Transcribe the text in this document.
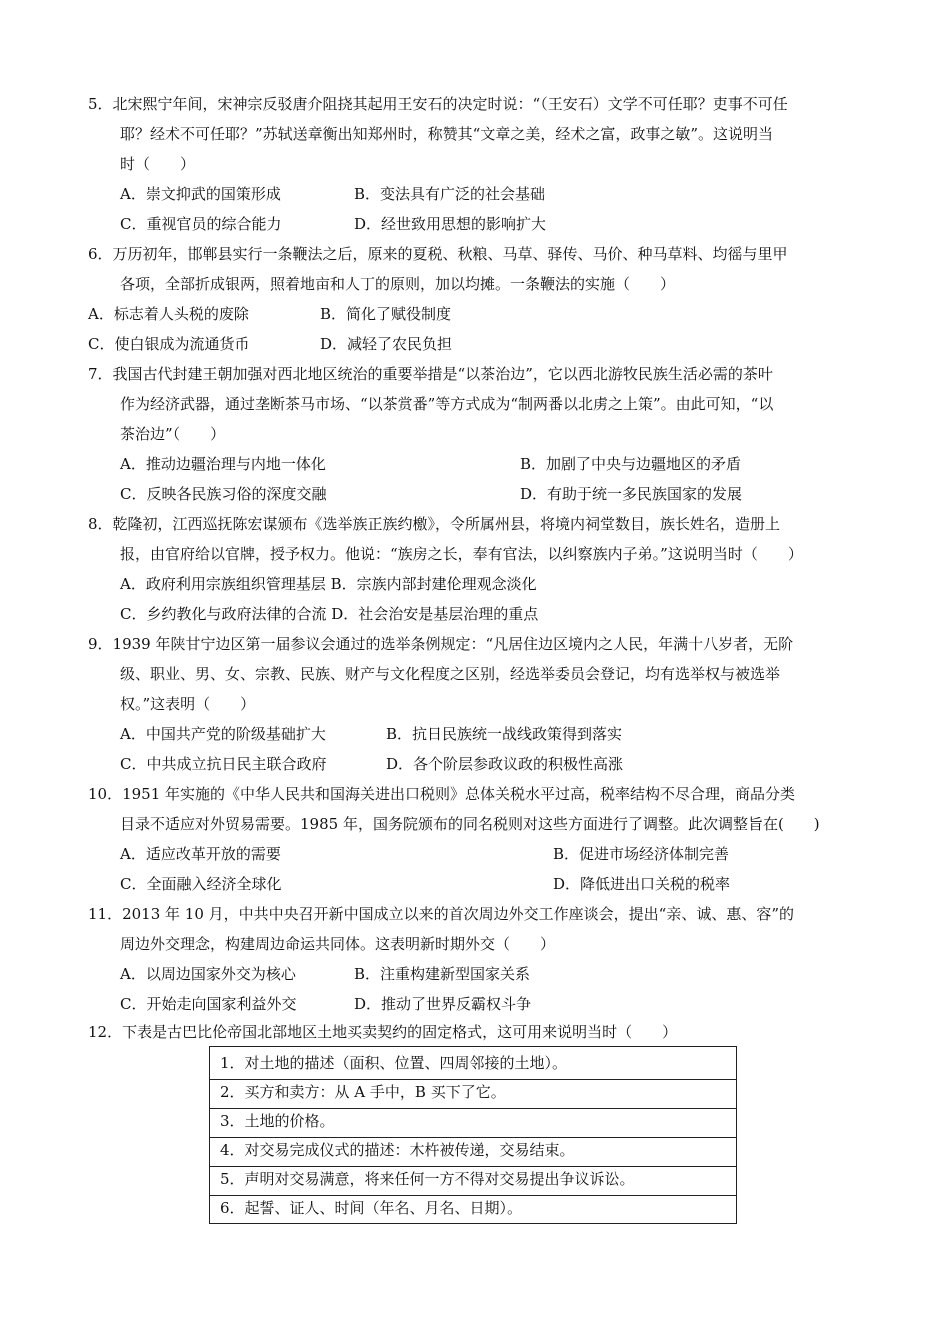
5．北宋熙宁年间，宋神宗反驳唐介阻挠其起用王安石的决定时说：“（王安石）文学不可任耶？吏事不可任
耶？经术不可任耶？”苏轼送章衡出知郑州时，称赞其“文章之美，经术之富，政事之敏”。这说明当
时（　　）
A．崇文抑武的国策形成	B．变法具有广泛的社会基础
C．重视官员的综合能力	D．经世致用思想的影响扩大
6．万历初年，邯郸县实行一条鞭法之后，原来的夏税、秋粮、马草、驿传、马价、种马草料、均徭与里甲
各项，全部折成银两，照着地亩和人丁的原则，加以均摊。一条鞭法的实施（　　）
A．标志着人头税的废除	B．简化了赋役制度
C．使白银成为流通货币	D．减轻了农民负担
7．我国古代封建王朝加强对西北地区统治的重要举措是“以茶治边”，它以西北游牧民族生活必需的茶叶
作为经济武器，通过垄断茶马市场、“以茶赏番”等方式成为“制两番以北虏之上策”。由此可知，“以
茶治边”（　　）
A．推动边疆治理与内地一体化	B．加剧了中央与边疆地区的矛盾
C．反映各民族习俗的深度交融	D．有助于统一多民族国家的发展
8．乾隆初，江西巡抚陈宏谋颁布《选举族正族约檄》，令所属州县，将境内祠堂数目，族长姓名，造册上
报，由官府给以官牌，授予权力。他说：“族房之长，奉有官法，以纠察族内子弟。”这说明当时（　　）
A．政府利用宗族组织管理基层 B．宗族内部封建伦理观念淡化
C．乡约教化与政府法律的合流 D．社会治安是基层治理的重点
9．1939 年陕甘宁边区第一届参议会通过的选举条例规定：“凡居住边区境内之人民，年满十八岁者，无阶
级、职业、男、女、宗教、民族、财产与文化程度之区别，经选举委员会登记，均有选举权与被选举
权。”这表明（　　）
A．中国共产党的阶级基础扩大	B．抗日民族统一战线政策得到落实
C．中共成立抗日民主联合政府	D．各个阶层参政议政的积极性高涨
10．1951 年实施的《中华人民共和国海关进出口税则》总体关税水平过高，税率结构不尽合理，商品分类
目录不适应对外贸易需要。1985 年，国务院颁布的同名税则对这些方面进行了调整。此次调整旨在(　　)
A．适应改革开放的需要	B．促进市场经济体制完善
C．全面融入经济全球化	D．降低进出口关税的税率
11．2013 年 10 月，中共中央召开新中国成立以来的首次周边外交工作座谈会，提出“亲、诚、惠、容”的
周边外交理念，构建周边命运共同体。这表明新时期外交（　　）
A．以周边国家外交为核心	B．注重构建新型国家关系
C．开始走向国家利益外交	D．推动了世界反霸权斗争
12．下表是古巴比伦帝国北部地区土地买卖契约的固定格式，这可用来说明当时（　　）
1．对土地的描述（面积、位置、四周邻接的土地）。
2．买方和卖方：从 A 手中，B 买下了它。
3．土地的价格。
4．对交易完成仪式的描述：木杵被传递，交易结束。
5．声明对交易满意，将来任何一方不得对交易提出争议诉讼。
6．起誓、证人、时间（年名、月名、日期）。
